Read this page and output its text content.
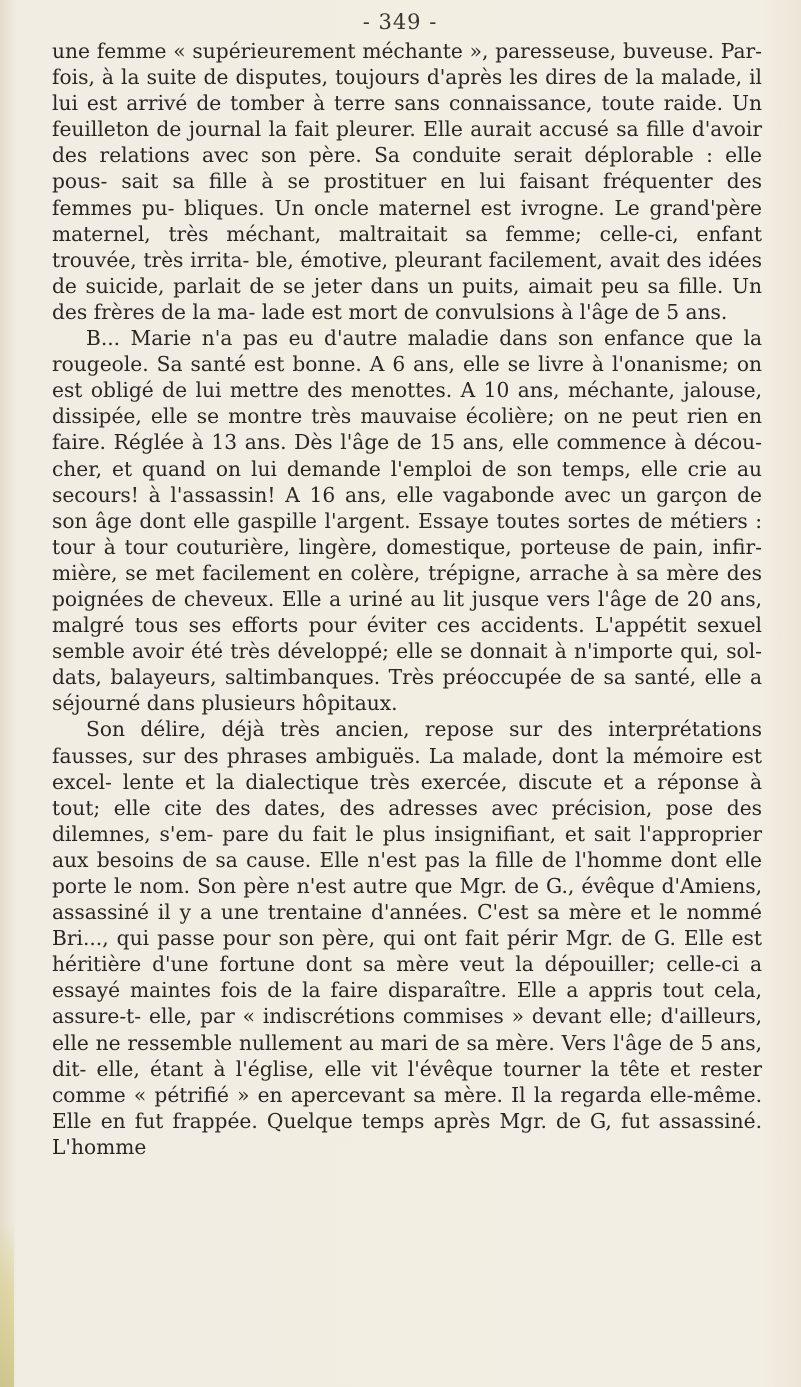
- 349 -

une femme « supérieurement méchante », paresseuse, buveuse. Par- fois, à la suite de disputes, toujours d'après les dires de la malade, il lui est arrivé de tomber à terre sans connaissance, toute raide. Un feuilleton de journal la fait pleurer. Elle aurait accusé sa fille d'avoir des relations avec son père. Sa conduite serait déplorable : elle pous- sait sa fille à se prostituer en lui faisant fréquenter des femmes pu- bliques. Un oncle maternel est ivrogne. Le grand'père maternel, très méchant, maltraitait sa femme; celle-ci, enfant trouvée, très irrita- ble, émotive, pleurant facilement, avait des idées de suicide, parlait de se jeter dans un puits, aimait peu sa fille. Un des frères de la ma- lade est mort de convulsions à l'âge de 5 ans.

B... Marie n'a pas eu d'autre maladie dans son enfance que la rougeole. Sa santé est bonne. A 6 ans, elle se livre à l'onanisme; on est obligé de lui mettre des menottes. A 10 ans, méchante, jalouse, dissipée, elle se montre très mauvaise écolière; on ne peut rien en faire. Réglée à 13 ans. Dès l'âge de 15 ans, elle commence à décou- cher, et quand on lui demande l'emploi de son temps, elle crie au secours! à l'assassin! A 16 ans, elle vagabonde avec un garçon de son âge dont elle gaspille l'argent. Essaye toutes sortes de métiers : tour à tour couturière, lingère, domestique, porteuse de pain, infir- mière, se met facilement en colère, trépigne, arrache à sa mère des poignées de cheveux. Elle a uriné au lit jusque vers l'âge de 20 ans, malgré tous ses efforts pour éviter ces accidents. L'appétit sexuel semble avoir été très développé; elle se donnait à n'importe qui, sol- dats, balayeurs, saltimbanques. Très préoccupée de sa santé, elle a séjourné dans plusieurs hôpitaux.

Son délire, déjà très ancien, repose sur des interprétations fausses, sur des phrases ambiguës. La malade, dont la mémoire est excel- lente et la dialectique très exercée, discute et a réponse à tout; elle cite des dates, des adresses avec précision, pose des dilemnes, s'em- pare du fait le plus insignifiant, et sait l'approprier aux besoins de sa cause. Elle n'est pas la fille de l'homme dont elle porte le nom. Son père n'est autre que Mgr. de G., évêque d'Amiens, assassiné il y a une trentaine d'années. C'est sa mère et le nommé Bri..., qui passe pour son père, qui ont fait périr Mgr. de G. Elle est héritière d'une fortune dont sa mère veut la dépouiller; celle-ci a essayé maintes fois de la faire disparaître. Elle a appris tout cela, assure-t- elle, par « indiscrétions commises » devant elle; d'ailleurs, elle ne ressemble nullement au mari de sa mère. Vers l'âge de 5 ans, dit- elle, étant à l'église, elle vit l'évêque tourner la tête et rester comme « pétrifié » en apercevant sa mère. Il la regarda elle-même. Elle en fut frappée. Quelque temps après Mgr. de G, fut assassiné. L'homme
